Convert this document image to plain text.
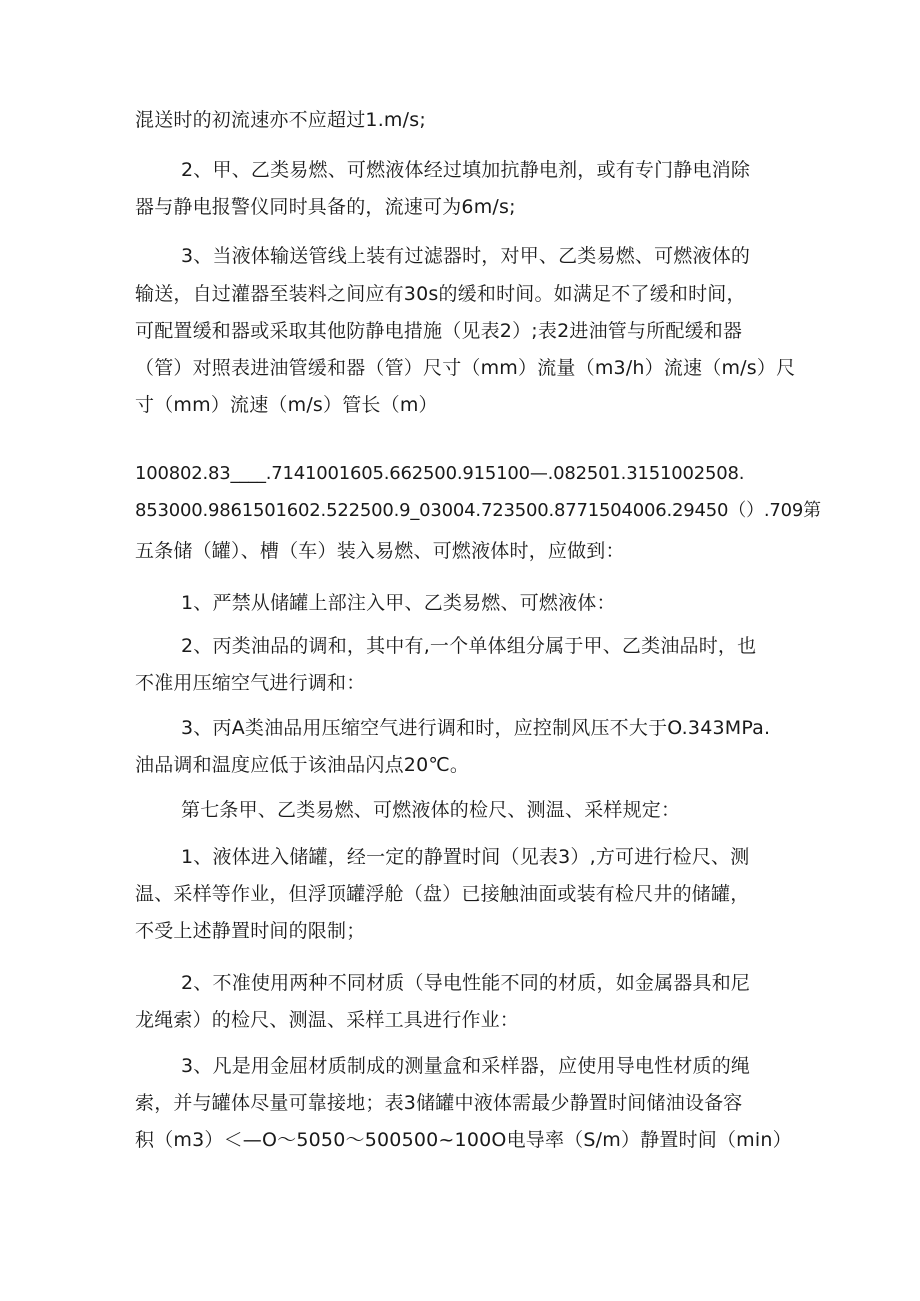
混送时的初流速亦不应超过1.m∕s;
2、甲、乙类易燃、可燃液体经过填加抗静电剂，或有专门静电消除
器与静电报警仪同时具备的，流速可为6m∕s;
3、当液体输送管线上装有过滤器时，对甲、乙类易燃、可燃液体的
输送，自过灌器至装料之间应有30s的缓和时间。如满足不了缓和时间，
可配置缓和器或采取其他防静电措施（见表2）;表2进油管与所配缓和器
（管）对照表进油管缓和器（管）尺寸（mm）流量（m3∕h）流速（m∕s）尺
寸（mm）流速（m∕s）管长（m）
100802.83____.7141001605.662500.915100—.082501.3151002508.
853000.9861501602.522500.9_03004.723500.8771504006.29450（）.709第
五条储（罐）、槽（车）装入易燃、可燃液体时，应做到：
1、严禁从储罐上部注入甲、乙类易燃、可燃液体：
2、丙类油品的调和，其中有,一个单体组分属于甲、乙类油品时，也
不准用压缩空气进行调和：
3、丙A类油品用压缩空气进行调和时，应控制风压不大于O.343MPa.
油品调和温度应低于该油品闪点20℃。
第七条甲、乙类易燃、可燃液体的检尺、测温、采样规定：
1、液体进入储罐，经一定的静置时间（见表3）,方可进行检尺、测
温、采样等作业，但浮顶罐浮舱（盘）已接触油面或装有检尺井的储罐，
不受上述静置时间的限制；
2、不准使用两种不同材质（导电性能不同的材质，如金属器具和尼
龙绳索）的检尺、测温、采样工具进行作业：
3、凡是用金屈材质制成的测量盒和采样器，应使用导电性材质的绳
索，并与罐体尽量可靠接地；表3储罐中液体需最少静置时间储油设备容
积（m3）＜—O～5050～500500~100O电导率（S∕m）静置时间（min）
